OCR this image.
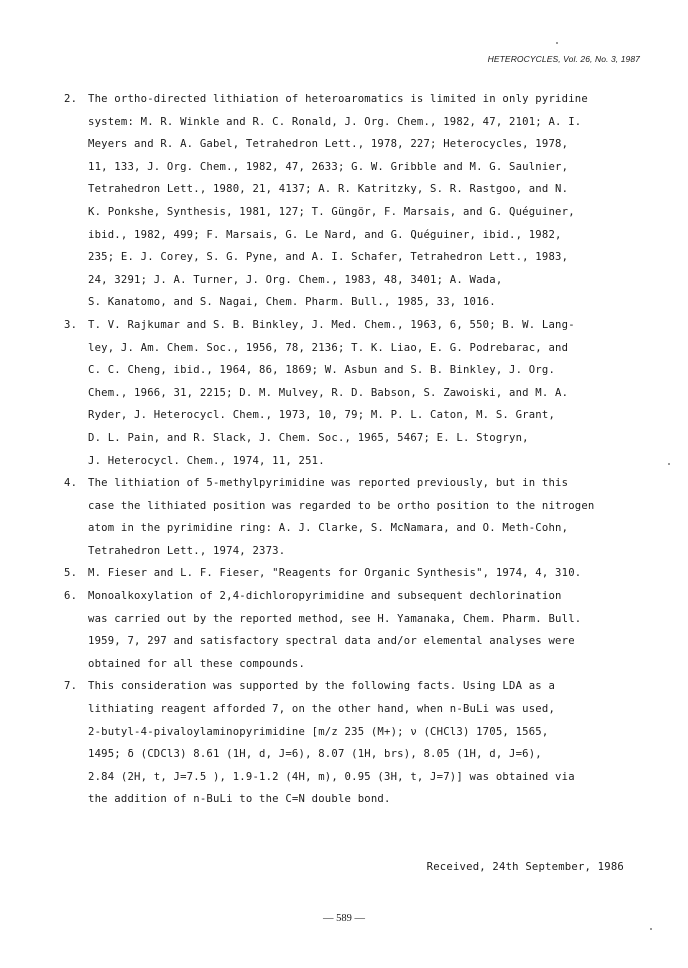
HETEROCYCLES, Vol. 26, No. 3, 1987
2.	The ortho-directed lithiation of heteroaromatics is limited in only pyridine
system: M. R. Winkle and R. C. Ronald, J. Org. Chem., 1982, 47, 2101; A. I.
Meyers and R. A. Gabel, Tetrahedron Lett., 1978, 227; Heterocycles, 1978,
11, 133, J. Org. Chem., 1982, 47, 2633; G. W. Gribble and M. G. Saulnier,
Tetrahedron Lett., 1980, 21, 4137; A. R. Katritzky, S. R. Rastgoo, and N.
K. Ponkshe, Synthesis, 1981, 127; T. Güngör, F. Marsais, and G. Quéguiner,
ibid., 1982, 499; F. Marsais, G. Le Nard, and G. Quéguiner, ibid., 1982,
235; E. J. Corey, S. G. Pyne, and A. I. Schafer, Tetrahedron Lett., 1983,
24, 3291; J. A. Turner, J. Org. Chem., 1983, 48, 3401; A. Wada,
S. Kanatomo, and S. Nagai, Chem. Pharm. Bull., 1985, 33, 1016.
3.	T. V. Rajkumar and S. B. Binkley, J. Med. Chem., 1963, 6, 550; B. W. Lang-
ley, J. Am. Chem. Soc., 1956, 78, 2136; T. K. Liao, E. G. Podrebarac, and
C. C. Cheng, ibid., 1964, 86, 1869; W. Asbun and S. B. Binkley, J. Org.
Chem., 1966, 31, 2215; D. M. Mulvey, R. D. Babson, S. Zawoiski, and M. A.
Ryder, J. Heterocycl. Chem., 1973, 10, 79; M. P. L. Caton, M. S. Grant,
D. L. Pain, and R. Slack, J. Chem. Soc., 1965, 5467; E. L. Stogryn,
J. Heterocycl. Chem., 1974, 11, 251.
4.	The lithiation of 5-methylpyrimidine was reported previously, but in this
case the lithiated position was regarded to be ortho position to the nitrogen
atom in the pyrimidine ring: A. J. Clarke, S. McNamara, and O. Meth-Cohn,
Tetrahedron Lett., 1974, 2373.
5.	M. Fieser and L. F. Fieser, "Reagents for Organic Synthesis", 1974, 4, 310.
6.	Monoalkoxylation of 2,4-dichloropyrimidine and subsequent dechlorination
was carried out by the reported method, see H. Yamanaka, Chem. Pharm. Bull.
1959, 7, 297 and satisfactory spectral data and/or elemental analyses were
obtained for all these compounds.
7.	This consideration was supported by the following facts. Using LDA as a
lithiating reagent afforded 7, on the other hand, when n-BuLi was used,
2-butyl-4-pivaloylaminopyrimidine [m/z 235 (M+); ν (CHCl3) 1705, 1565,
1495; δ (CDCl3) 8.61 (1H, d, J=6), 8.07 (1H, brs), 8.05 (1H, d, J=6),
2.84 (2H, t, J=7.5 ), 1.9-1.2 (4H, m), 0.95 (3H, t, J=7)] was obtained via
the addition of n-BuLi to the C=N double bond.
Received, 24th September, 1986
— 589 —
